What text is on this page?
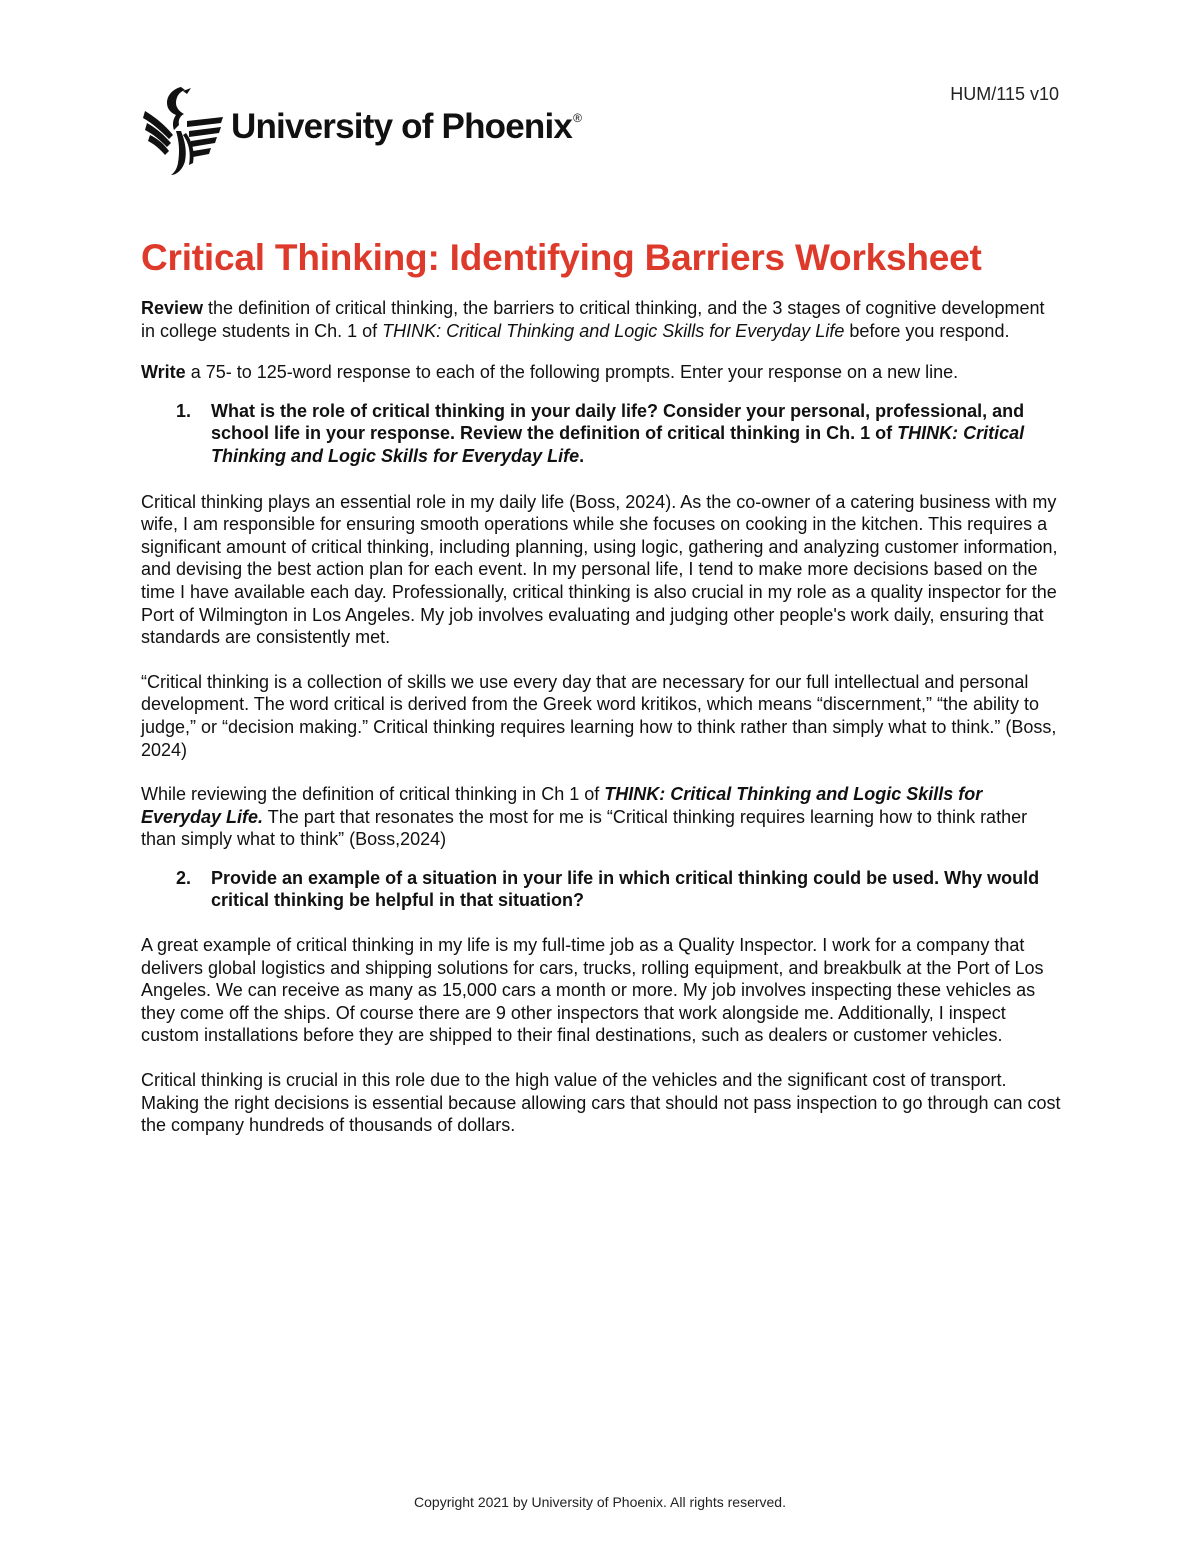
HUM/115 v10
University of Phoenix®
Critical Thinking: Identifying Barriers Worksheet

Review the definition of critical thinking, the barriers to critical thinking, and the 3 stages of cognitive development in college students in Ch. 1 of THINK: Critical Thinking and Logic Skills for Everyday Life before you respond.

Write a 75- to 125-word response to each of the following prompts. Enter your response on a new line.

1.	What is the role of critical thinking in your daily life? Consider your personal, professional, and school life in your response. Review the definition of critical thinking in Ch. 1 of THINK: Critical Thinking and Logic Skills for Everyday Life.

Critical thinking plays an essential role in my daily life (Boss, 2024). As the co-owner of a catering business with my wife, I am responsible for ensuring smooth operations while she focuses on cooking in the kitchen. This requires a significant amount of critical thinking, including planning, using logic, gathering and analyzing customer information, and devising the best action plan for each event. In my personal life, I tend to make more decisions based on the time I have available each day. Professionally, critical thinking is also crucial in my role as a quality inspector for the Port of Wilmington in Los Angeles. My job involves evaluating and judging other people's work daily, ensuring that standards are consistently met.

“Critical thinking is a collection of skills we use every day that are necessary for our full intellectual and personal development. The word critical is derived from the Greek word kritikos, which means “discernment,” “the ability to judge,” or “decision making.” Critical thinking requires learning how to think rather than simply what to think.” (Boss, 2024)

While reviewing the definition of critical thinking in Ch 1 of THINK: Critical Thinking and Logic Skills for Everyday Life. The part that resonates the most for me is “Critical thinking requires learning how to think rather than simply what to think” (Boss,2024)

2.	Provide an example of a situation in your life in which critical thinking could be used. Why would critical thinking be helpful in that situation?

A great example of critical thinking in my life is my full-time job as a Quality Inspector. I work for a company that delivers global logistics and shipping solutions for cars, trucks, rolling equipment, and breakbulk at the Port of Los Angeles. We can receive as many as 15,000 cars a month or more. My job involves inspecting these vehicles as they come off the ships. Of course there are 9 other inspectors that work alongside me. Additionally, I inspect custom installations before they are shipped to their final destinations, such as dealers or customer vehicles.

Critical thinking is crucial in this role due to the high value of the vehicles and the significant cost of transport. Making the right decisions is essential because allowing cars that should not pass inspection to go through can cost the company hundreds of thousands of dollars.

Copyright 2021 by University of Phoenix. All rights reserved.
